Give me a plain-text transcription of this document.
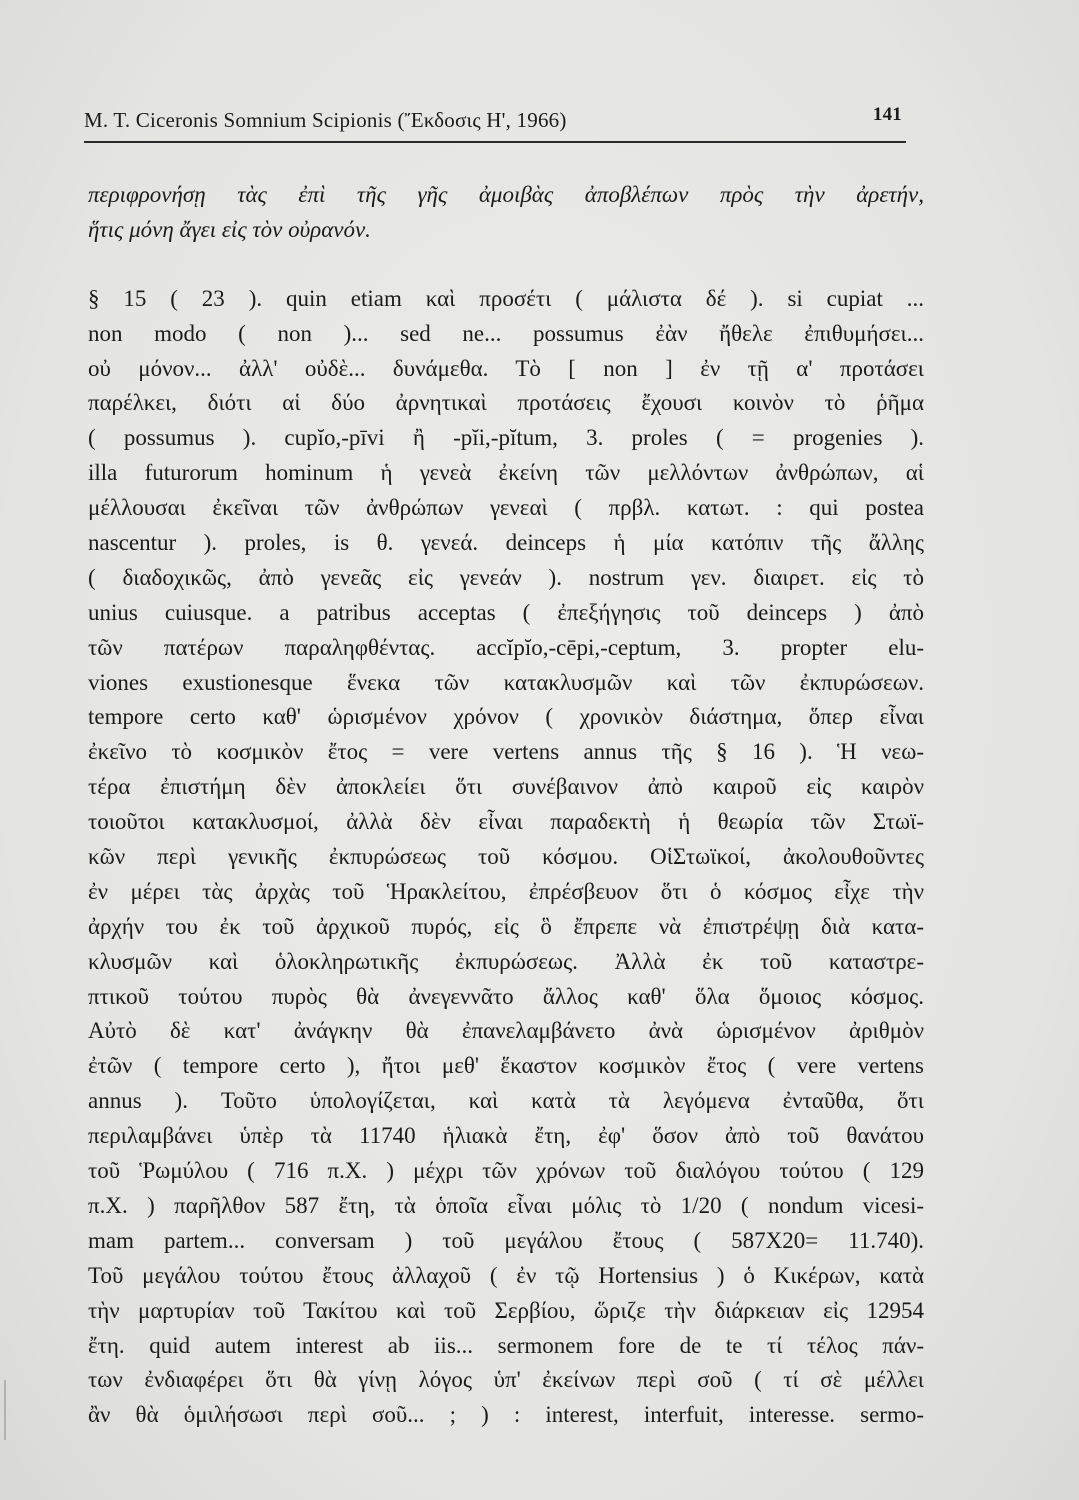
M. T. Ciceronis Somnium Scipionis (Ἔκδοσις Η', 1966)	141
περιφρονήσῃ τὰς ἐπὶ τῆς γῆς ἀμοιβὰς ἀποβλέπων πρὸς τὴν ἀρετήν,
ἥτις μόνη ἄγει εἰς τὸν οὐρανόν.
§ 15 ( 23 ). quin etiam καὶ προσέτι ( μάλιστα δέ ). si cupiat ...
non modo ( non )... sed ne... possumus ἐὰν ἤθελε ἐπιθυμήσει...
οὐ μόνον... ἀλλ' οὐδὲ... δυνάμεθα. Τὸ [ non ] ἐν τῇ α' προτάσει
παρέλκει, διότι αἱ δύο ἀρνητικαὶ προτάσεις ἔχουσι κοινὸν τὸ ῥῆμα
( possumus ). cupĭo,-pīvi ἢ -pĭi,-pĭtum, 3. proles ( = progenies ).
illa futurorum hominum ἡ γενεὰ ἐκείνη τῶν μελλόντων ἀνθρώπων, αἱ
μέλλουσαι ἐκεῖναι τῶν ἀνθρώπων γενεαὶ ( πρβλ. κατωτ. : qui postea
nascentur ). proles, is θ. γενεά. deinceps ἡ μία κατόπιν τῆς ἄλλης
( διαδοχικῶς, ἀπὸ γενεᾶς εἰς γενεάν ). nostrum γεν. διαιρετ. εἰς τὸ
unius cuiusque. a patribus acceptas ( ἐπεξήγησις τοῦ deinceps ) ἀπὸ
τῶν πατέρων παραληφθέντας. accĭpĭo,-cēpi,-ceptum, 3. propter elu-
viones exustionesque ἕνεκα τῶν κατακλυσμῶν καὶ τῶν ἐκπυρώσεων.
tempore certo καθ' ὡρισμένον χρόνον ( χρονικὸν διάστημα, ὅπερ εἶναι
ἐκεῖνο τὸ κοσμικὸν ἔτος = vere vertens annus τῆς § 16 ). Ἡ νεω-
τέρα ἐπιστήμη δὲν ἀποκλείει ὅτι συνέβαινον ἀπὸ καιροῦ εἰς καιρὸν
τοιοῦτοι κατακλυσμοί, ἀλλὰ δὲν εἶναι παραδεκτὴ ἡ θεωρία τῶν Στωϊ-
κῶν περὶ γενικῆς ἐκπυρώσεως τοῦ κόσμου. ΟἱΣτωϊκοί, ἀκολουθοῦντες
ἐν μέρει τὰς ἀρχὰς τοῦ Ἡρακλείτου, ἐπρέσβευον ὅτι ὁ κόσμος εἶχε τὴν
ἀρχήν του ἐκ τοῦ ἀρχικοῦ πυρός, εἰς ὃ ἔπρεπε νὰ ἐπιστρέψῃ διὰ κατα-
κλυσμῶν καὶ ὁλοκληρωτικῆς ἐκπυρώσεως. Ἀλλὰ ἐκ τοῦ καταστρε-
πτικοῦ τούτου πυρὸς θὰ ἀνεγεννᾶτο ἄλλος καθ' ὅλα ὅμοιος κόσμος.
Αὐτὸ δὲ κατ' ἀνάγκην θὰ ἐπανελαμβάνετο ἀνὰ ὡρισμένον ἀριθμὸν
ἐτῶν ( tempore certo ), ἤτοι μεθ' ἕκαστον κοσμικὸν ἔτος ( vere vertens
annus ). Τοῦτο ὑπολογίζεται, καὶ κατὰ τὰ λεγόμενα ἐνταῦθα, ὅτι
περιλαμβάνει ὑπὲρ τὰ 11740 ἡλιακὰ ἔτη, ἐφ' ὅσον ἀπὸ τοῦ θανάτου
τοῦ Ῥωμύλου ( 716 π.Χ. ) μέχρι τῶν χρόνων τοῦ διαλόγου τούτου ( 129
π.Χ. ) παρῆλθον 587 ἔτη, τὰ ὁποῖα εἶναι μόλις τὸ 1/20 ( nondum vicesi-
mam partem... conversam ) τοῦ μεγάλου ἔτους ( 587X20= 11.740).
Τοῦ μεγάλου τούτου ἔτους ἀλλαχοῦ ( ἐν τῷ Hortensius ) ὁ Κικέρων, κατὰ
τὴν μαρτυρίαν τοῦ Τακίτου καὶ τοῦ Σερβίου, ὥριζε τὴν διάρκειαν εἰς 12954
ἔτη. quid autem interest ab iis... sermonem fore de te τί τέλος πάν-
των ἐνδιαφέρει ὅτι θὰ γίνῃ λόγος ὑπ' ἐκείνων περὶ σοῦ ( τί σὲ μέλλει
ἂν θὰ ὁμιλήσωσι περὶ σοῦ... ; ) : interest, interfuit, interesse. sermo-
